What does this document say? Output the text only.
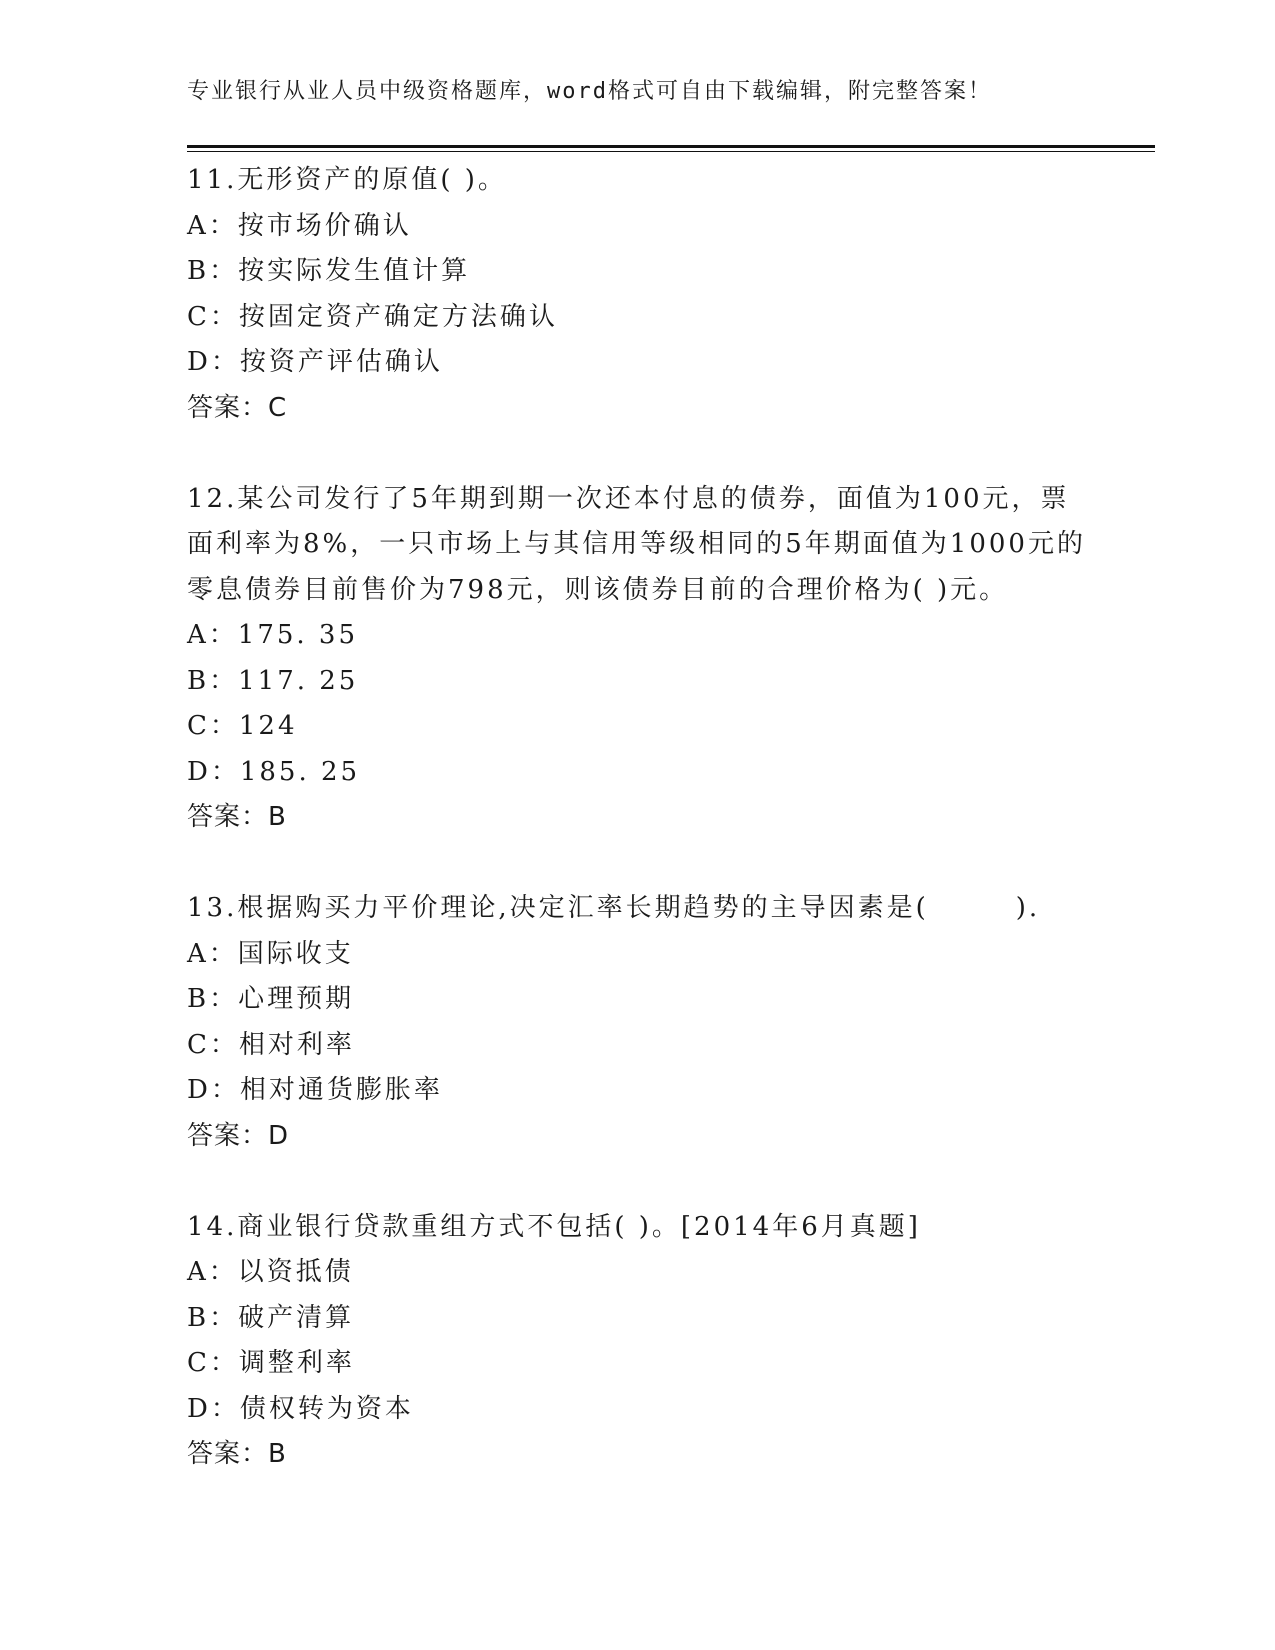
专业银行从业人员中级资格题库，word格式可自由下载编辑，附完整答案！
11.无形资产的原值( )。
A：按市场价确认
B：按实际发生值计算
C：按固定资产确定方法确认
D：按资产评估确认
答案：C
12.某公司发行了5年期到期一次还本付息的债券，面值为100元，票
面利率为8%，一只市场上与其信用等级相同的5年期面值为1000元的
零息债券目前售价为798元，则该债券目前的合理价格为( )元。
A：175. 35
B：117. 25
C：124
D：185. 25
答案：B
13.根据购买力平价理论,决定汇率长期趋势的主导因素是(　　　).
A：国际收支
B：心理预期
C：相对利率
D：相对通货膨胀率
答案：D
14.商业银行贷款重组方式不包括( )。[2014年6月真题]
A：以资抵债
B：破产清算
C：调整利率
D：债权转为资本
答案：B
